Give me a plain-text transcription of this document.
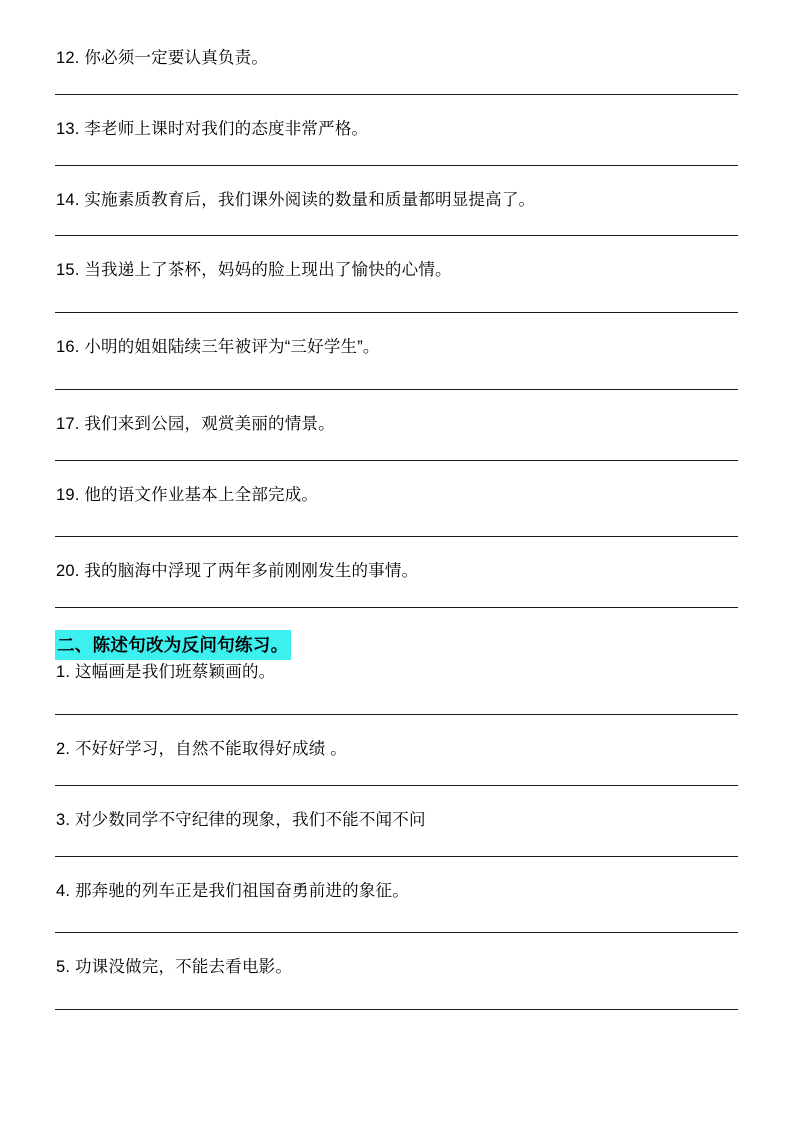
12. 你必须一定要认真负责。
13. 李老师上课时对我们的态度非常严格。
14. 实施素质教育后，我们课外阅读的数量和质量都明显提高了。
15. 当我递上了茶杯，妈妈的脸上现出了愉快的心情。
16. 小明的姐姐陆续三年被评为“三好学生”。
17. 我们来到公园，观赏美丽的情景。
19. 他的语文作业基本上全部完成。
20. 我的脑海中浮现了两年多前刚刚发生的事情。
二、陈述句改为反问句练习。
1. 这幅画是我们班蔡颖画的。
2. 不好好学习，自然不能取得好成绩 。
3. 对少数同学不守纪律的现象，我们不能不闻不问
4. 那奔驰的列车正是我们祖国奋勇前进的象征。
5. 功课没做完，不能去看电影。
